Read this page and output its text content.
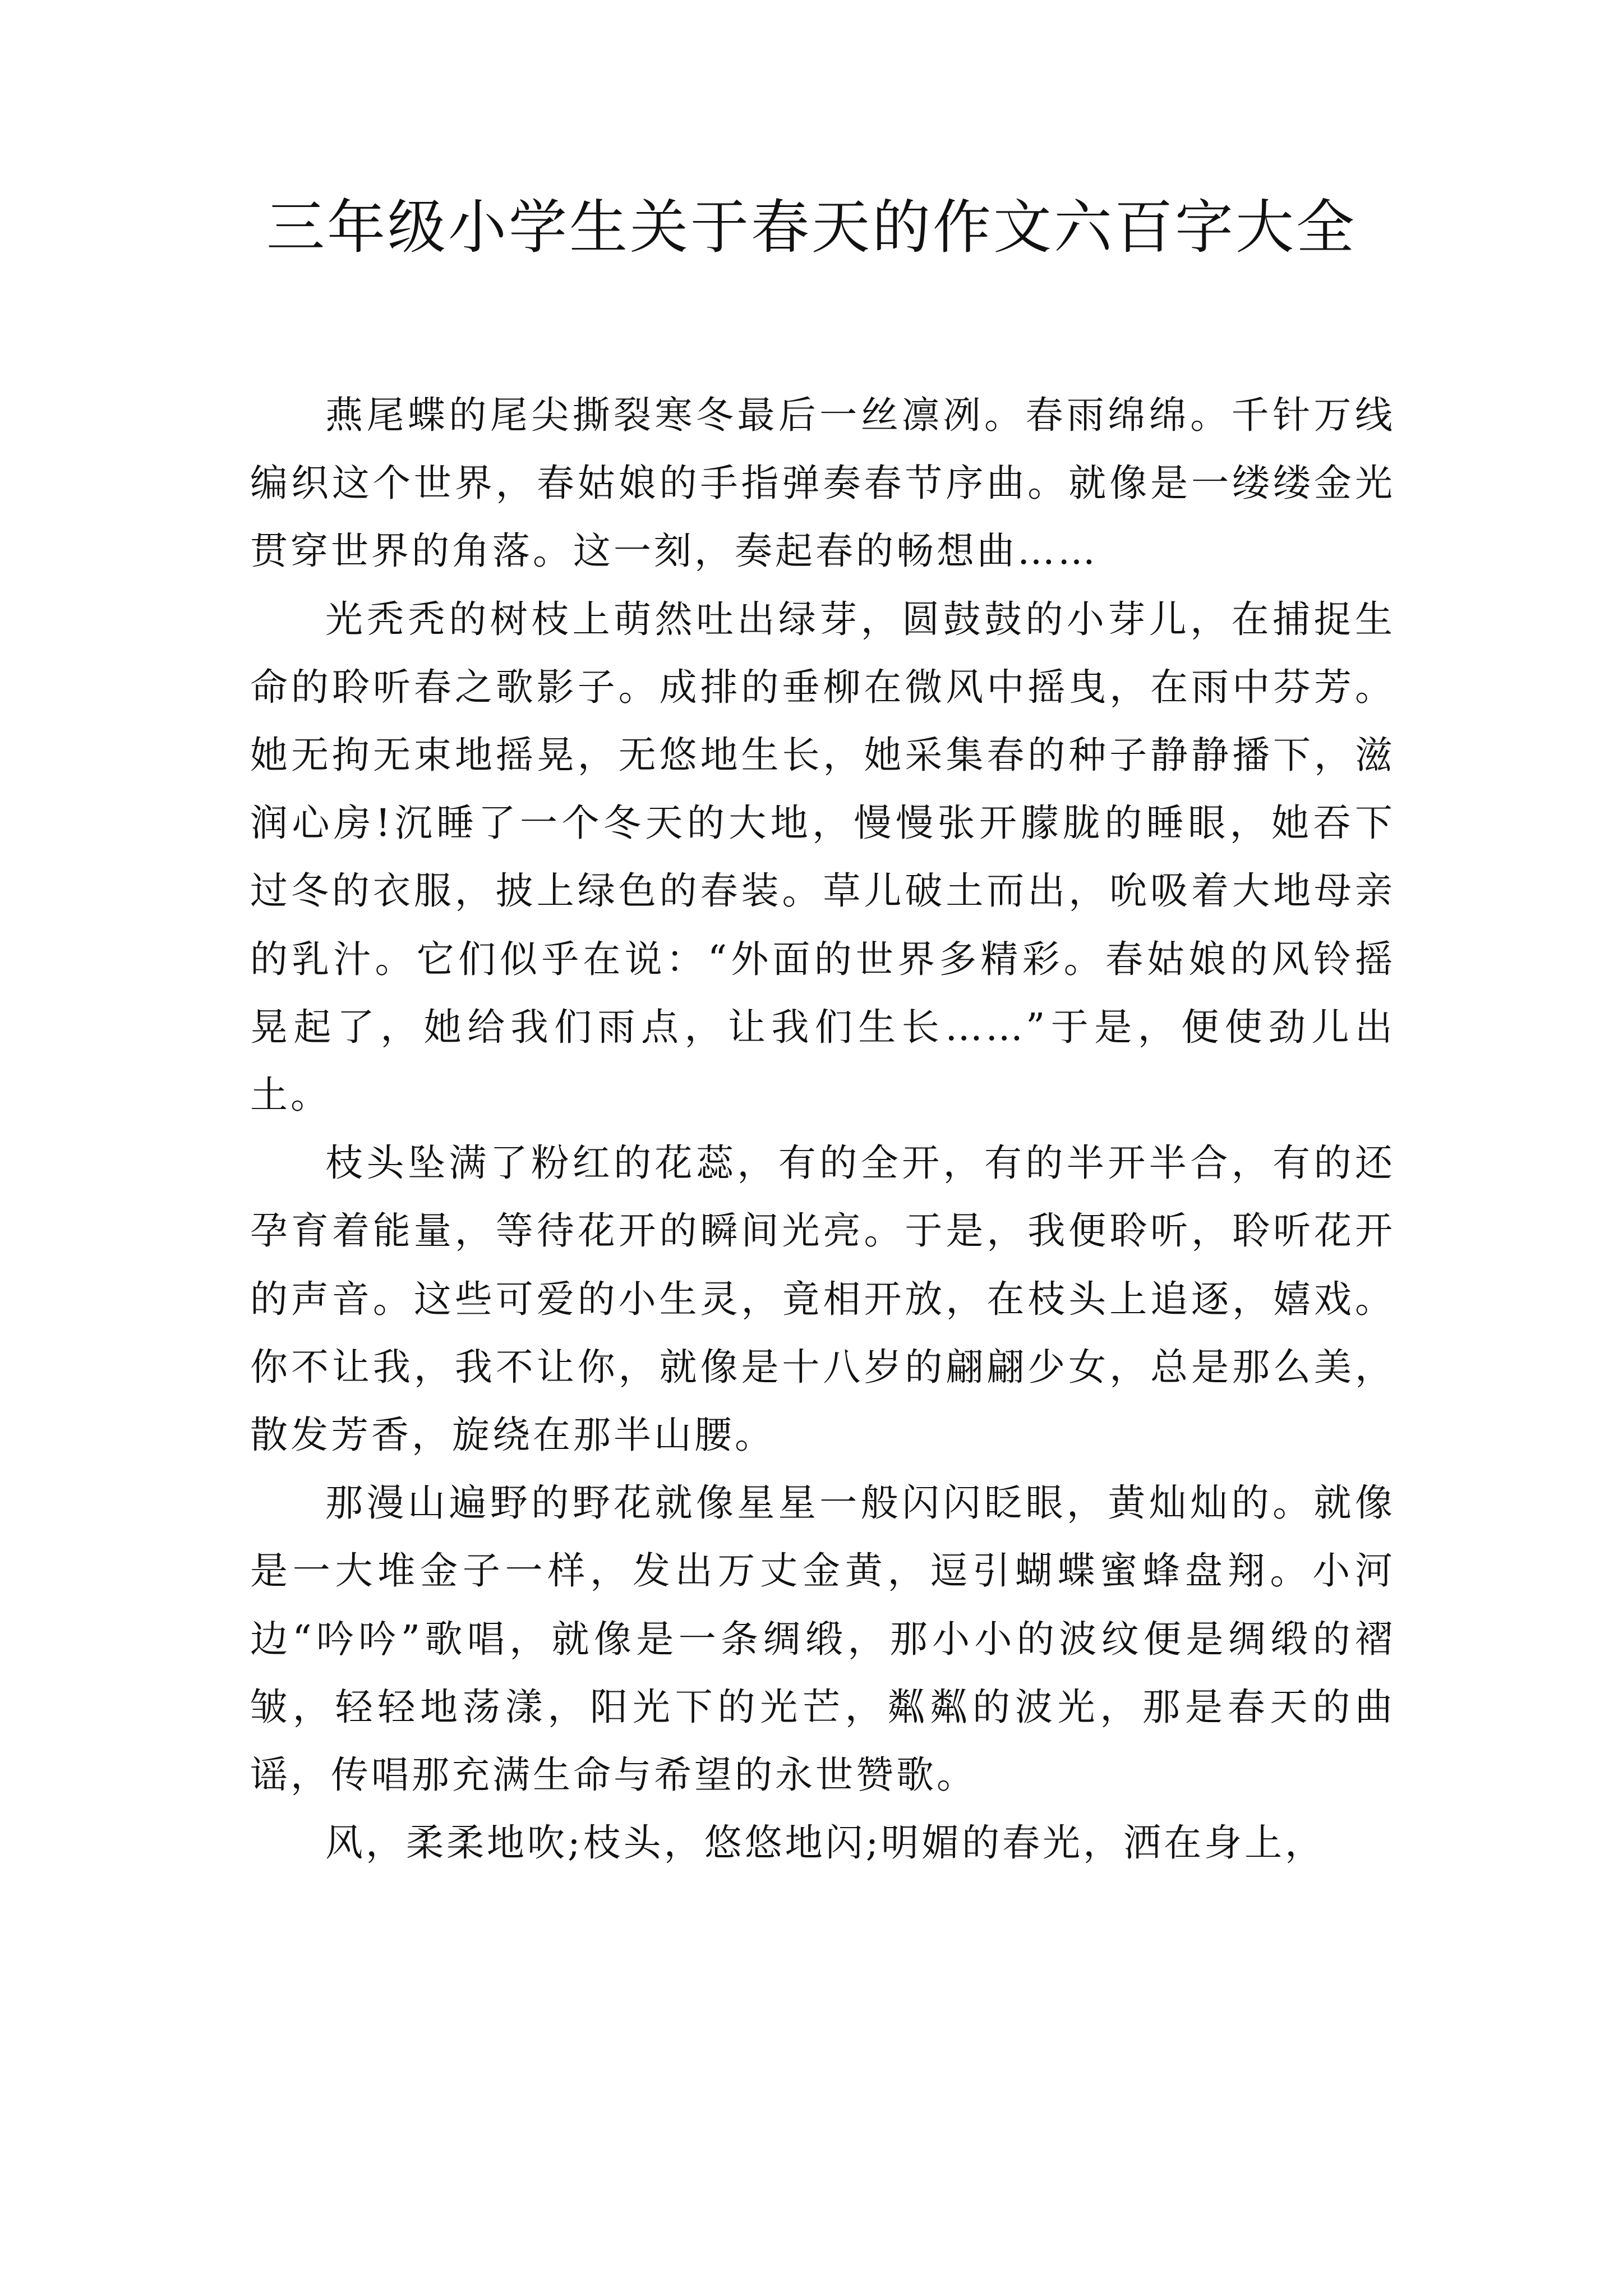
三年级小学生关于春天的作文六百字大全

燕尾蝶的尾尖撕裂寒冬最后一丝凛冽。春雨绵绵。千针万线编织这个世界，春姑娘的手指弹奏春节序曲。就像是一缕缕金光贯穿世界的角落。这一刻，奏起春的畅想曲……

光秃秃的树枝上萌然吐出绿芽，圆鼓鼓的小芽儿，在捕捉生命的聆听春之歌影子。成排的垂柳在微风中摇曳，在雨中芬芳。她无拘无束地摇晃，无悠地生长，她采集春的种子静静播下，滋润心房!沉睡了一个冬天的大地，慢慢张开朦胧的睡眼，她吞下过冬的衣服，披上绿色的春装。草儿破土而出，吮吸着大地母亲的乳汁。它们似乎在说：“外面的世界多精彩。春姑娘的风铃摇晃起了，她给我们雨点，让我们生长……”于是，便使劲儿出土。

枝头坠满了粉红的花蕊，有的全开，有的半开半合，有的还孕育着能量，等待花开的瞬间光亮。于是，我便聆听，聆听花开的声音。这些可爱的小生灵，竟相开放，在枝头上追逐，嬉戏。你不让我，我不让你，就像是十八岁的翩翩少女，总是那么美，散发芳香，旋绕在那半山腰。

那漫山遍野的野花就像星星一般闪闪眨眼，黄灿灿的。就像是一大堆金子一样，发出万丈金黄，逗引蝴蝶蜜蜂盘翔。小河边“吟吟”歌唱，就像是一条绸缎，那小小的波纹便是绸缎的褶皱，轻轻地荡漾，阳光下的光芒，粼粼的波光，那是春天的曲谣，传唱那充满生命与希望的永世赞歌。

风，柔柔地吹;枝头，悠悠地闪;明媚的春光，洒在身上，
